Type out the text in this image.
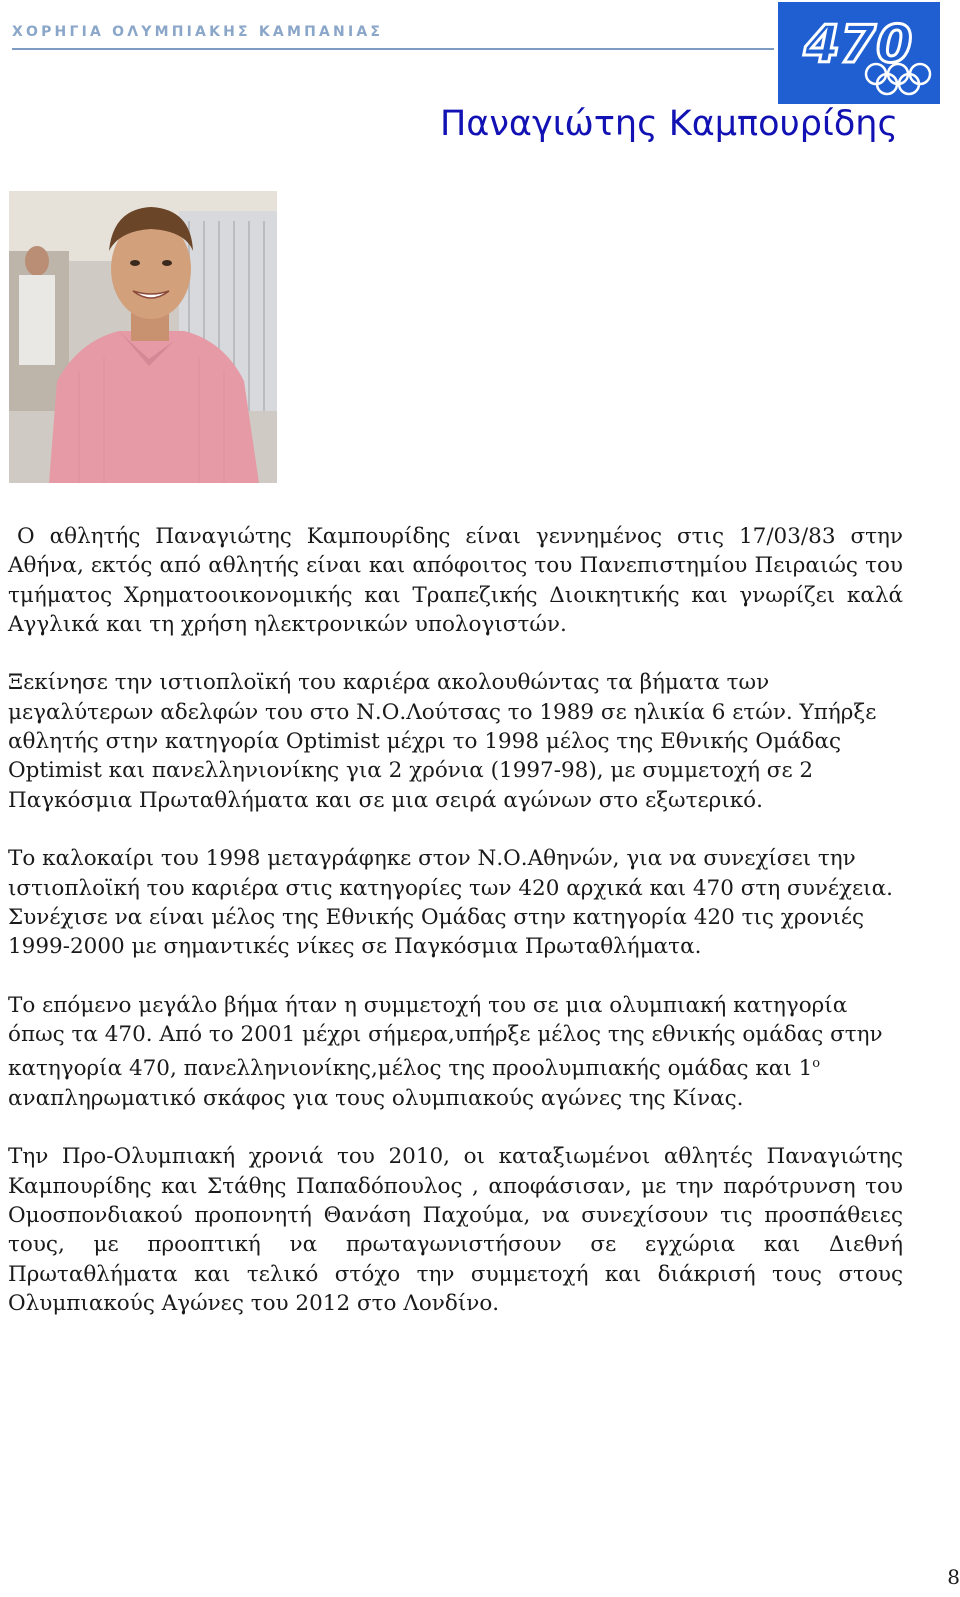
ΧΟΡΗΓΙΑ ΟΛΥΜΠΙΑΚΗΣ ΚΑΜΠΑΝΙΑΣ	470
Παναγιώτης Καμπουρίδης

Ο αθλητής Παναγιώτης Καμπουρίδης είναι γεννημένος στις 17/03/83 στην Αθήνα, εκτός από αθλητής είναι και απόφοιτος του Πανεπιστημίου Πειραιώς του τμήματος Χρηματοοικονομικής και Τραπεζικής Διοικητικής και γνωρίζει καλά Αγγλικά και τη χρήση ηλεκτρονικών υπολογιστών.

Ξεκίνησε την ιστιοπλοϊκή του καριέρα ακολουθώντας τα βήματα των μεγαλύτερων αδελφών του στο Ν.Ο.Λούτσας το 1989 σε ηλικία 6 ετών. Υπήρξε αθλητής στην κατηγορία Optimist μέχρι το 1998 μέλος της Εθνικής Ομάδας Optimist και πανελληνιονίκης για 2 χρόνια (1997-98), με συμμετοχή σε 2 Παγκόσμια Πρωταθλήματα και σε μια σειρά αγώνων στο εξωτερικό.

Το καλοκαίρι του 1998 μεταγράφηκε στον Ν.Ο.Αθηνών, για να συνεχίσει την ιστιοπλοϊκή του καριέρα στις κατηγορίες των 420 αρχικά και 470 στη συνέχεια. Συνέχισε να είναι μέλος της Εθνικής Ομάδας στην κατηγορία 420 τις χρονιές 1999-2000 με σημαντικές νίκες σε Παγκόσμια Πρωταθλήματα.

Το επόμενο μεγάλο βήμα ήταν η συμμετοχή του σε μια ολυμπιακή κατηγορία όπως τα 470. Από το 2001 μέχρι σήμερα,υπήρξε μέλος της εθνικής ομάδας στην κατηγορία 470, πανελληνιονίκης,μέλος της προολυμπιακής ομάδας και $1^o$ αναπληρωματικό σκάφος για τους ολυμπιακούς αγώνες της Κίνας.

Την Προ-Ολυμπιακή χρονιά του 2010, οι καταξιωμένοι αθλητές Παναγιώτης Καμπουρίδης και Στάθης Παπαδόπουλος , αποφάσισαν, με την παρότρυνση του Ομοσπονδιακού προπονητή Θανάση Παχούμα, να συνεχίσουν τις προσπάθειες τους, με προοπτική να πρωταγωνιστήσουν σε εγχώρια και Διεθνή Πρωταθλήματα και τελικό στόχο την συμμετοχή και διάκρισή τους στους Ολυμπιακούς Αγώνες του 2012 στο Λονδίνο.

8
